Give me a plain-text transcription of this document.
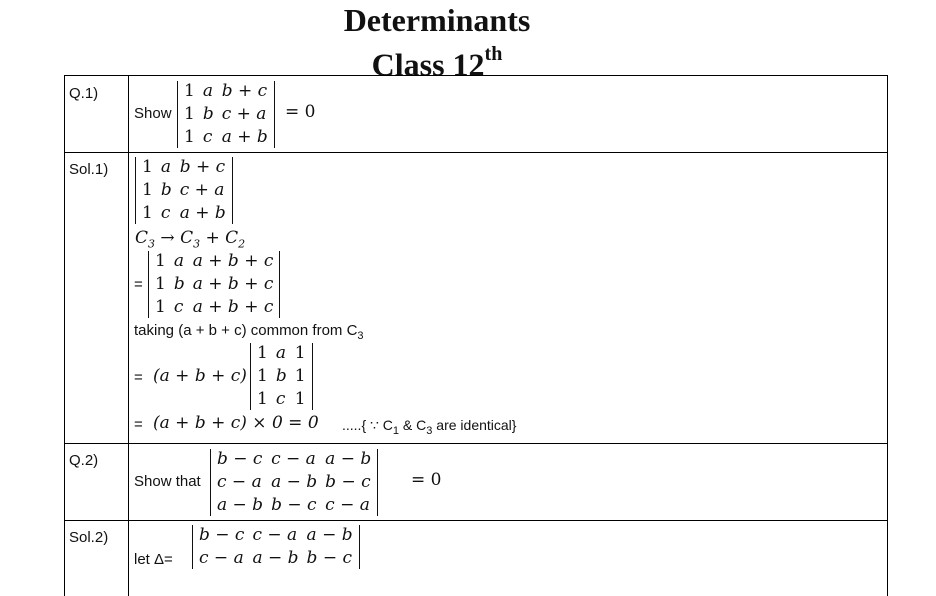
Determinants
Class 12th
Q.1)
Show
1	a	b + c
1	b	c + a
1	c	a + b
= 0
Sol.1) 1	a	b + c
1	b	c + a
1	c	a + b
$C_3 \to C_3 + C_2$
=
1	a	a + b + c
1	b	a + b + c
1	c	a + b + c
taking (a + b + c) common from $C_3$
= (a + b + c)
1	a	1
1	b	1
1	c	1
= (a + b + c) × 0 = 0 .....{ ∵ $C_1$ & $C_3$ are identical}
Q.2)
Show that
b − c	c − a	a − b
c − a	a − b	b − c
a − b	b − c	c − a
= 0
Sol.2)
let Δ=
b − c	c − a	a − b
c − a	a − b	b − c
